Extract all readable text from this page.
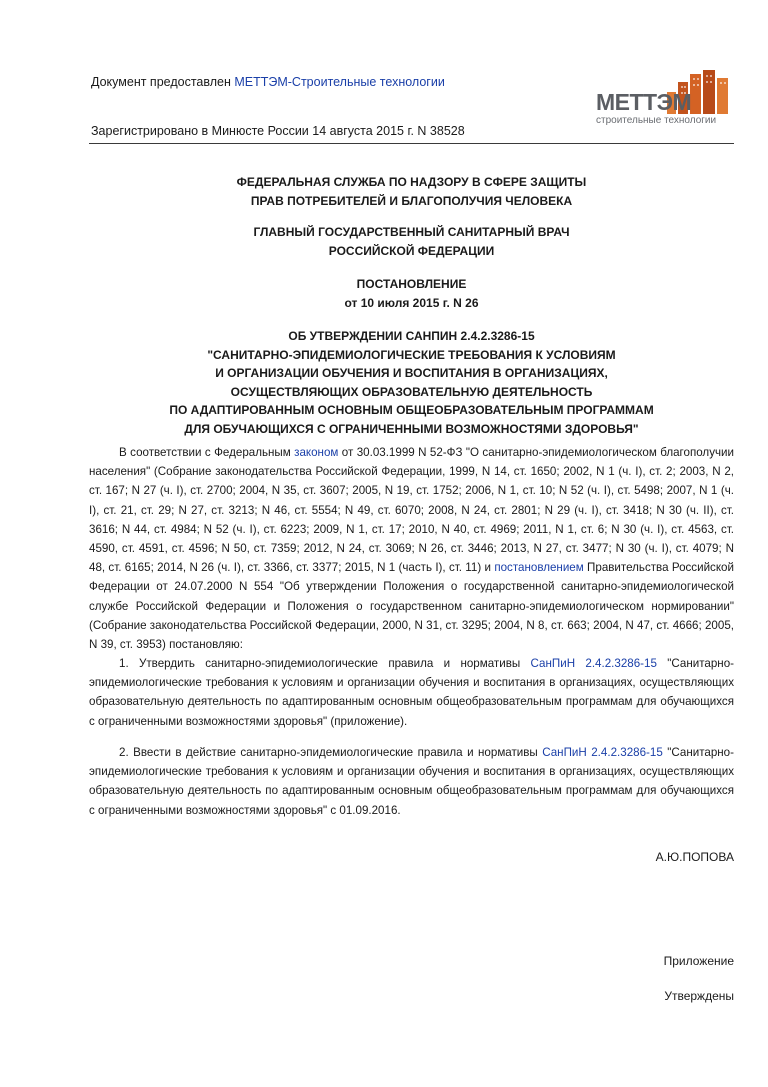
Документ предоставлен МЕТТЭМ-Строительные технологии
МЕТТЭМ
строительные технологии
Зарегистрировано в Минюсте России 14 августа 2015 г. N 38528
ФЕДЕРАЛЬНАЯ СЛУЖБА ПО НАДЗОРУ В СФЕРЕ ЗАЩИТЫ
ПРАВ ПОТРЕБИТЕЛЕЙ И БЛАГОПОЛУЧИЯ ЧЕЛОВЕКА
ГЛАВНЫЙ ГОСУДАРСТВЕННЫЙ САНИТАРНЫЙ ВРАЧ
РОССИЙСКОЙ ФЕДЕРАЦИИ
ПОСТАНОВЛЕНИЕ
от 10 июля 2015 г. N 26
ОБ УТВЕРЖДЕНИИ САНПИН 2.4.2.3286-15
"САНИТАРНО-ЭПИДЕМИОЛОГИЧЕСКИЕ ТРЕБОВАНИЯ К УСЛОВИЯМ
И ОРГАНИЗАЦИИ ОБУЧЕНИЯ И ВОСПИТАНИЯ В ОРГАНИЗАЦИЯХ,
ОСУЩЕСТВЛЯЮЩИХ ОБРАЗОВАТЕЛЬНУЮ ДЕЯТЕЛЬНОСТЬ
ПО АДАПТИРОВАННЫМ ОСНОВНЫМ ОБЩЕОБРАЗОВАТЕЛЬНЫМ ПРОГРАММАМ
ДЛЯ ОБУЧАЮЩИХСЯ С ОГРАНИЧЕННЫМИ ВОЗМОЖНОСТЯМИ ЗДОРОВЬЯ"
В соответствии с Федеральным законом от 30.03.1999 N 52-ФЗ "О санитарно-эпидемиологическом благополучии населения" (Собрание законодательства Российской Федерации, 1999, N 14, ст. 1650; 2002, N 1 (ч. I), ст. 2; 2003, N 2, ст. 167; N 27 (ч. I), ст. 2700; 2004, N 35, ст. 3607; 2005, N 19, ст. 1752; 2006, N 1, ст. 10; N 52 (ч. I), ст. 5498; 2007, N 1 (ч. I), ст. 21, ст. 29; N 27, ст. 3213; N 46, ст. 5554; N 49, ст. 6070; 2008, N 24, ст. 2801; N 29 (ч. I), ст. 3418; N 30 (ч. II), ст. 3616; N 44, ст. 4984; N 52 (ч. I), ст. 6223; 2009, N 1, ст. 17; 2010, N 40, ст. 4969; 2011, N 1, ст. 6; N 30 (ч. I), ст. 4563, ст. 4590, ст. 4591, ст. 4596; N 50, ст. 7359; 2012, N 24, ст. 3069; N 26, ст. 3446; 2013, N 27, ст. 3477; N 30 (ч. I), ст. 4079; N 48, ст. 6165; 2014, N 26 (ч. I), ст. 3366, ст. 3377; 2015, N 1 (часть I), ст. 11) и постановлением Правительства Российской Федерации от 24.07.2000 N 554 "Об утверждении Положения о государственной санитарно-эпидемиологической службе Российской Федерации и Положения о государственном санитарно-эпидемиологическом нормировании" (Собрание законодательства Российской Федерации, 2000, N 31, ст. 3295; 2004, N 8, ст. 663; 2004, N 47, ст. 4666; 2005, N 39, ст. 3953) постановляю:
1. Утвердить санитарно-эпидемиологические правила и нормативы СанПиН 2.4.2.3286-15 "Санитарно-эпидемиологические требования к условиям и организации обучения и воспитания в организациях, осуществляющих образовательную деятельность по адаптированным основным общеобразовательным программам для обучающихся с ограниченными возможностями здоровья" (приложение).
2. Ввести в действие санитарно-эпидемиологические правила и нормативы СанПиН 2.4.2.3286-15 "Санитарно-эпидемиологические требования к условиям и организации обучения и воспитания в организациях, осуществляющих образовательную деятельность по адаптированным основным общеобразовательным программам для обучающихся с ограниченными возможностями здоровья" с 01.09.2016.
А.Ю.ПОПОВА
Приложение
Утверждены
